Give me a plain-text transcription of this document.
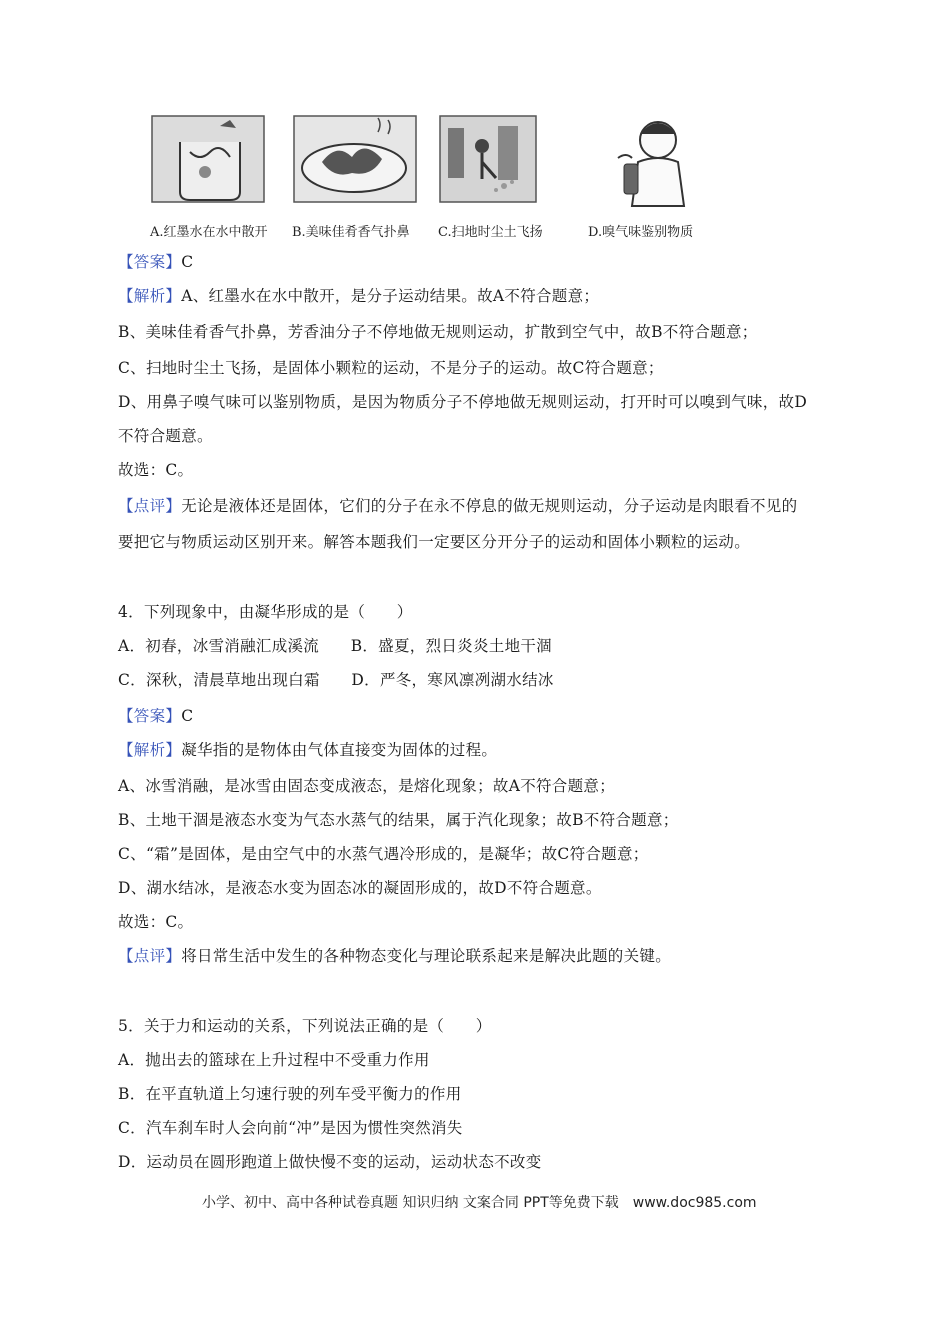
A.红墨水在水中散开	B.美味佳肴香气扑鼻	C.扫地时尘土飞扬	D.嗅气味鉴别物质
【答案】C
【解析】A、红墨水在水中散开，是分子运动结果。故A不符合题意；
B、美味佳肴香气扑鼻，芳香油分子不停地做无规则运动，扩散到空气中，故B不符合题意；
C、扫地时尘土飞扬，是固体小颗粒的运动，不是分子的运动。故C符合题意；
D、用鼻子嗅气味可以鉴别物质，是因为物质分子不停地做无规则运动，打开时可以嗅到气味，故D
不符合题意。
故选：C。
【点评】无论是液体还是固体，它们的分子在永不停息的做无规则运动，分子运动是肉眼看不见的
要把它与物质运动区别开来。解答本题我们一定要区分开分子的运动和固体小颗粒的运动。
4．下列现象中，由凝华形成的是（　　）
A．初春，冰雪消融汇成溪流　　B．盛夏，烈日炎炎土地干涸
C．深秋，清晨草地出现白霜　　D．严冬，寒风凛冽湖水结冰
【答案】C
【解析】凝华指的是物体由气体直接变为固体的过程。
A、冰雪消融，是冰雪由固态变成液态，是熔化现象；故A不符合题意；
B、土地干涸是液态水变为气态水蒸气的结果，属于汽化现象；故B不符合题意；
C、“霜”是固体，是由空气中的水蒸气遇冷形成的，是凝华；故C符合题意；
D、湖水结冰，是液态水变为固态冰的凝固形成的，故D不符合题意。
故选：C。
【点评】将日常生活中发生的各种物态变化与理论联系起来是解决此题的关键。
5．关于力和运动的关系，下列说法正确的是（　　）
A．抛出去的篮球在上升过程中不受重力作用
B．在平直轨道上匀速行驶的列车受平衡力的作用
C．汽车刹车时人会向前“冲”是因为惯性突然消失
D．运动员在圆形跑道上做快慢不变的运动，运动状态不改变
小学、初中、高中各种试卷真题 知识归纳 文案合同 PPT等免费下载　www.doc985.com
